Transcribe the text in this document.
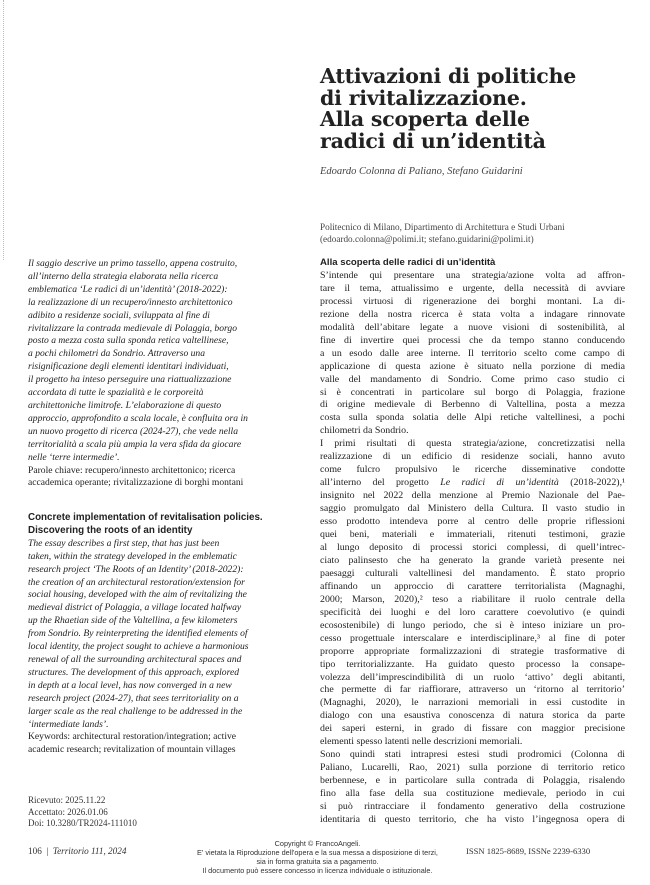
Attivazioni di politiche
di rivitalizzazione.
Alla scoperta delle
radici di un’identità
Edoardo Colonna di Paliano, Stefano Guidarini
Politecnico di Milano, Dipartimento di Architettura e Studi Urbani
(edoardo.colonna@polimi.it; stefano.guidarini@polimi.it)
Il saggio descrive un primo tassello, appena costruito,
all’interno della strategia elaborata nella ricerca
emblematica ‘Le radici di un’identità’ (2018-2022):
la realizzazione di un recupero/innesto architettonico
adibito a residenze sociali, sviluppata al fine di
rivitalizzare la contrada medievale di Polaggia, borgo
posto a mezza costa sulla sponda retica valtellinese,
a pochi chilometri da Sondrio. Attraverso una
risignificazione degli elementi identitari individuati,
il progetto ha inteso perseguire una riattualizzazione
accordata di tutte le spazialità e le corporeità
architettoniche limitrofe. L’elaborazione di questo
approccio, approfondito a scala locale, è confluita ora in
un nuovo progetto di ricerca (2024-27), che vede nella
territorialità a scala più ampia la vera sfida da giocare
nelle ‘terre intermedie’.
Parole chiave: recupero/innesto architettonico; ricerca
accademica operante; rivitalizzazione di borghi montani
Concrete implementation of revitalisation policies.
Discovering the roots of an identity
The essay describes a first step, that has just been
taken, within the strategy developed in the emblematic
research project ‘The Roots of an Identity’ (2018-2022):
the creation of an architectural restoration/extension for
social housing, developed with the aim of revitalizing the
medieval district of Polaggia, a village located halfway
up the Rhaetian side of the Valtellina, a few kilometers
from Sondrio. By reinterpreting the identified elements of
local identity, the project sought to achieve a harmonious
renewal of all the surrounding architectural spaces and
structures. The development of this approach, explored
in depth at a local level, has now converged in a new
research project (2024-27), that sees territoriality on a
larger scale as the real challenge to be addressed in the
‘intermediate lands’.
Keywords: architectural restoration/integration; active
academic research; revitalization of mountain villages
Ricevuto: 2025.11.22
Accettato: 2026.01.06
Doi: 10.3280/TR2024-111010
Alla scoperta delle radici di un’identità
S’intende qui presentare una strategia/azione volta ad affron-
tare il tema, attualissimo e urgente, della necessità di avviare
processi virtuosi di rigenerazione dei borghi montani. La di-
rezione della nostra ricerca è stata volta a indagare rinnovate
modalità dell’abitare legate a nuove visioni di sostenibilità, al
fine di invertire quei processi che da tempo stanno conducendo
a un esodo dalle aree interne. Il territorio scelto come campo di
applicazione di questa azione è situato nella porzione di media
valle del mandamento di Sondrio. Come primo caso studio ci
si è concentrati in particolare sul borgo di Polaggia, frazione
di origine medievale di Berbenno di Valtellina, posta a mezza
costa sulla sponda solatia delle Alpi retiche valtellinesi, a pochi
chilometri da Sondrio.
I primi risultati di questa strategia/azione, concretizzatisi nella
realizzazione di un edificio di residenze sociali, hanno avuto
come fulcro propulsivo le ricerche disseminative condotte
all’interno del progetto Le radici di un’identità (2018-2022),¹
insignito nel 2022 della menzione al Premio Nazionale del Pae-
saggio promulgato dal Ministero della Cultura. Il vasto studio in
esso prodotto intendeva porre al centro delle proprie riflessioni
quei beni, materiali e immateriali, ritenuti testimoni, grazie
al lungo deposito di processi storici complessi, di quell’intrec-
ciato palinsesto che ha generato la grande varietà presente nei
paesaggi culturali valtellinesi del mandamento. È stato proprio
affinando un approccio di carattere territorialista (Magnaghi,
2000; Marson, 2020),² teso a riabilitare il ruolo centrale della
specificità dei luoghi e del loro carattere coevolutivo (e quindi
ecosostenibile) di lungo periodo, che si è inteso iniziare un pro-
cesso progettuale interscalare e interdisciplinare,³ al fine di poter
proporre appropriate formalizzazioni di strategie trasformative di
tipo territorializzante. Ha guidato questo processo la consape-
volezza dell’imprescindibilità di un ruolo ‘attivo’ degli abitanti,
che permette di far riaffiorare, attraverso un ‘ritorno al territorio’
(Magnaghi, 2020), le narrazioni memoriali in essi custodite in
dialogo con una esaustiva conoscenza di natura storica da parte
dei saperi esterni, in grado di fissare con maggior precisione
elementi spesso latenti nelle descrizioni memoriali.
Sono quindi stati intrapresi estesi studi prodromici (Colonna di
Paliano, Lucarelli, Rao, 2021) sulla porzione di territorio retico
berbennese, e in particolare sulla contrada di Polaggia, risalendo
fino alla fase della sua costituzione medievale, periodo in cui
si può rintracciare il fondamento generativo della costruzione
identitaria di questo territorio, che ha visto l’ingegnosa opera di
106 | Territorio 111, 2024
Copyright © FrancoAngeli.
E' vietata la Riproduzione dell'opera e la sua messa a disposizione di terzi,
sia in forma gratuita sia a pagamento.
Il documento può essere concesso in licenza individuale o istituzionale.
ISSN 1825-8689, ISSNe 2239-6330
